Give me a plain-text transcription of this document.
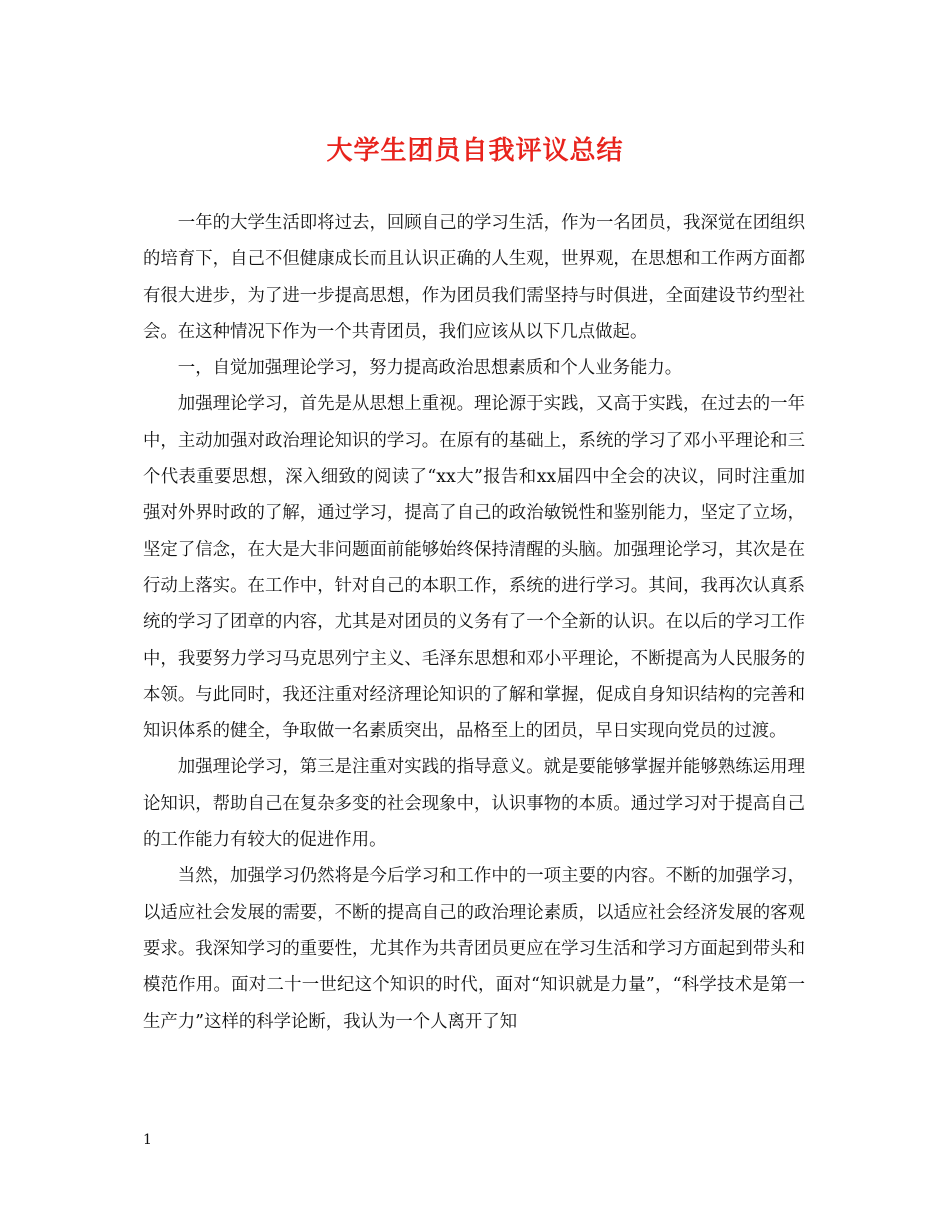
大学生团员自我评议总结

一年的大学生活即将过去，回顾自己的学习生活，作为一名团员，我深觉在团组织的培育下，自己不但健康成长而且认识正确的人生观，世界观，在思想和工作两方面都有很大进步，为了进一步提高思想，作为团员我们需坚持与时俱进，全面建设节约型社会。在这种情况下作为一个共青团员，我们应该从以下几点做起。

一，自觉加强理论学习，努力提高政治思想素质和个人业务能力。

加强理论学习，首先是从思想上重视。理论源于实践，又高于实践，在过去的一年中，主动加强对政治理论知识的学习。在原有的基础上，系统的学习了邓小平理论和三个代表重要思想，深入细致的阅读了“xx大”报告和xx届四中全会的决议，同时注重加强对外界时政的了解，通过学习，提高了自己的政治敏锐性和鉴别能力，坚定了立场，坚定了信念，在大是大非问题面前能够始终保持清醒的头脑。加强理论学习，其次是在行动上落实。在工作中，针对自己的本职工作，系统的进行学习。其间，我再次认真系统的学习了团章的内容，尤其是对团员的义务有了一个全新的认识。在以后的学习工作中，我要努力学习马克思列宁主义、毛泽东思想和邓小平理论，不断提高为人民服务的本领。与此同时，我还注重对经济理论知识的了解和掌握，促成自身知识结构的完善和知识体系的健全，争取做一名素质突出，品格至上的团员，早日实现向党员的过渡。

加强理论学习，第三是注重对实践的指导意义。就是要能够掌握并能够熟练运用理论知识，帮助自己在复杂多变的社会现象中，认识事物的本质。通过学习对于提高自己的工作能力有较大的促进作用。

当然，加强学习仍然将是今后学习和工作中的一项主要的内容。不断的加强学习，以适应社会发展的需要，不断的提高自己的政治理论素质，以适应社会经济发展的客观要求。我深知学习的重要性，尤其作为共青团员更应在学习生活和学习方面起到带头和模范作用。面对二十一世纪这个知识的时代，面对“知识就是力量”，“科学技术是第一生产力”这样的科学论断，我认为一个人离开了知

1
